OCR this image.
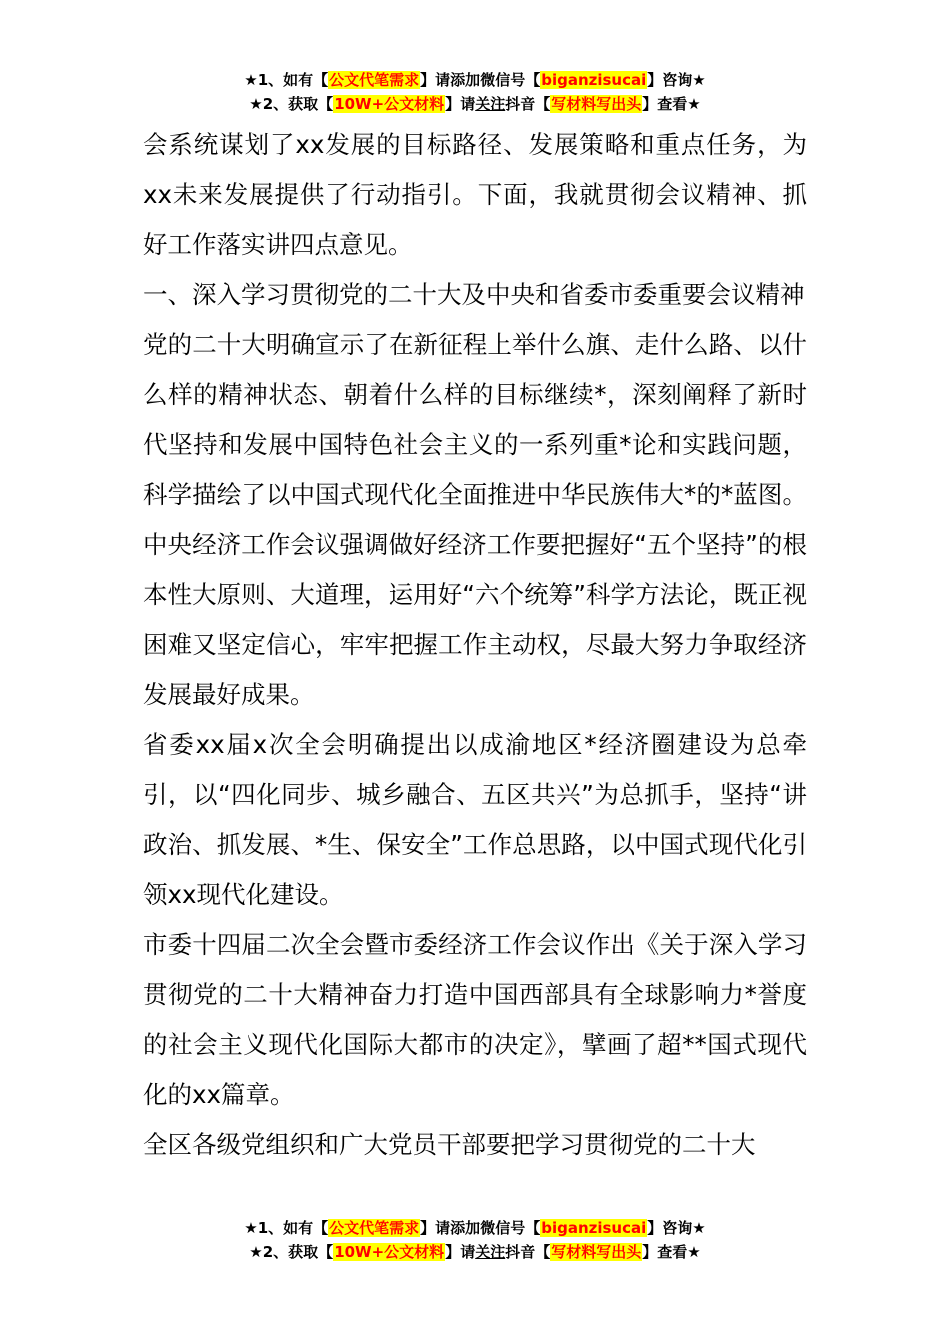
★1、如有【公文代笔需求】请添加微信号【biganzisucai】咨询★
★2、获取【10W+公文材料】请关注抖音【写材料写出头】查看★

会系统谋划了xx发展的目标路径、发展策略和重点任务，为xx未来发展提供了行动指引。下面，我就贯彻会议精神、抓好工作落实讲四点意见。

一、深入学习贯彻党的二十大及中央和省委市委重要会议精神

党的二十大明确宣示了在新征程上举什么旗、走什么路、以什么样的精神状态、朝着什么样的目标继续*，深刻阐释了新时代坚持和发展中国特色社会主义的一系列重*论和实践问题，科学描绘了以中国式现代化全面推进中华民族伟大*的*蓝图。中央经济工作会议强调做好经济工作要把握好“五个坚持”的根本性大原则、大道理，运用好“六个统筹”科学方法论，既正视困难又坚定信心，牢牢把握工作主动权，尽最大努力争取经济发展最好成果。

省委xx届x次全会明确提出以成渝地区*经济圈建设为总牵引，以“四化同步、城乡融合、五区共兴”为总抓手，坚持“讲政治、抓发展、*生、保安全”工作总思路，以中国式现代化引领xx现代化建设。

市委十四届二次全会暨市委经济工作会议作出《关于深入学习贯彻党的二十大精神奋力打造中国西部具有全球影响力*誉度的社会主义现代化国际大都市的决定》，擘画了超**国式现代化的xx篇章。

全区各级党组织和广大党员干部要把学习贯彻党的二十大

★1、如有【公文代笔需求】请添加微信号【biganzisucai】咨询★
★2、获取【10W+公文材料】请关注抖音【写材料写出头】查看★
